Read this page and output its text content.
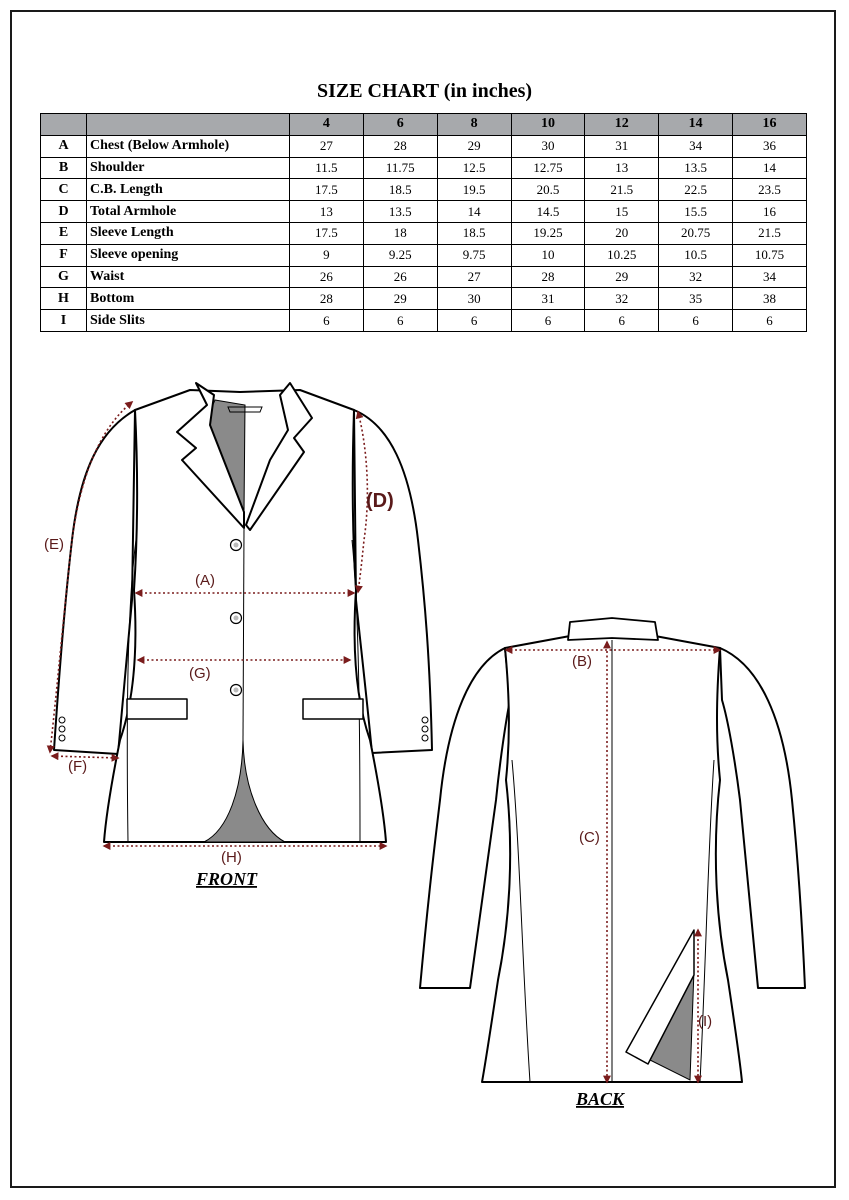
SIZE CHART (in inches)
		4	6	8	10	12	14	16
A	Chest (Below Armhole)	27	28	29	30	31	34	36
B	Shoulder	11.5	11.75	12.5	12.75	13	13.5	14
C	C.B. Length	17.5	18.5	19.5	20.5	21.5	22.5	23.5
D	Total Armhole	13	13.5	14	14.5	15	15.5	16
E	Sleeve Length	17.5	18	18.5	19.25	20	20.75	21.5
F	Sleeve opening	9	9.25	9.75	10	10.25	10.5	10.75
G	Waist	26	26	27	28	29	32	34
H	Bottom	28	29	30	31	32	35	38
I	Side Slits	6	6	6	6	6	6	6
(E)
(F)
(D)
(A)
(G)
(H)
FRONT
(B)
(C)
(I)
BACK
